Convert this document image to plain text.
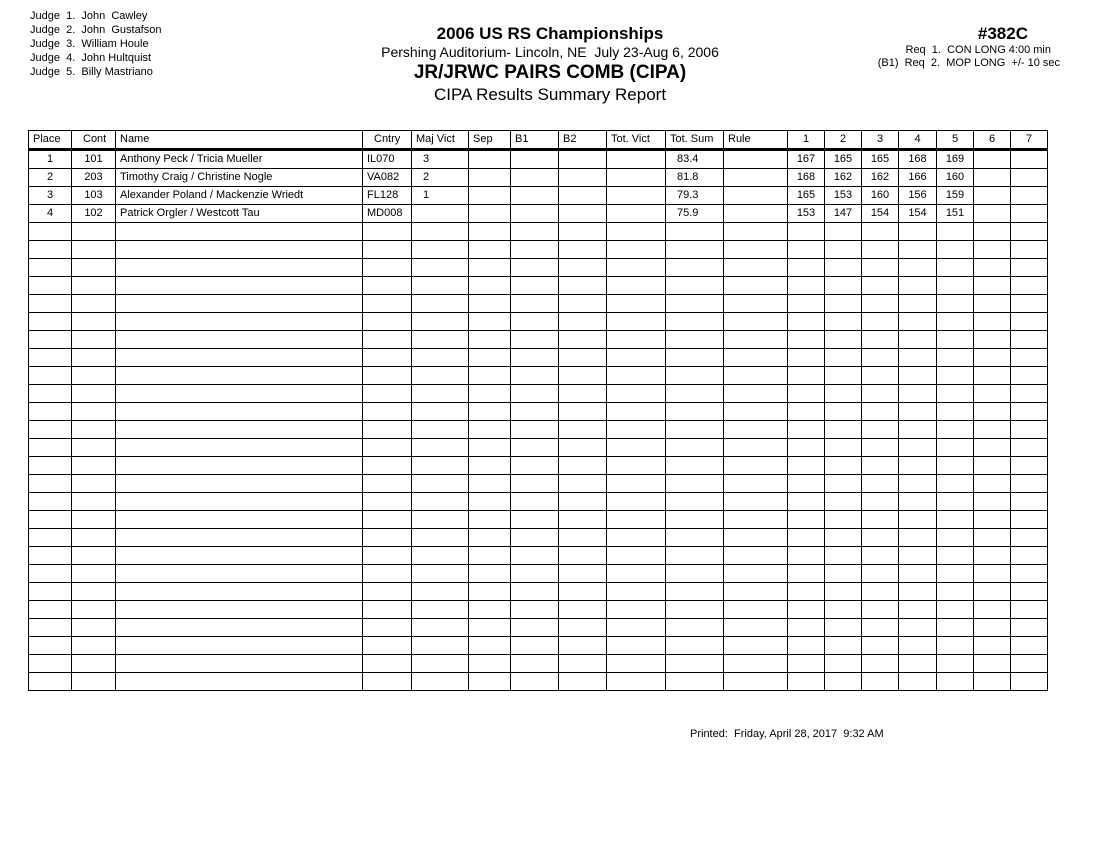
Judge  1.  John  Cawley
Judge  2.  John  Gustafson
Judge  3.  William Houle
Judge  4.  John Hultquist
Judge  5.  Billy Mastriano
2006 US RS Championships
Pershing Auditorium- Lincoln, NE  July 23-Aug 6, 2006
JR/JRWC PAIRS COMB (CIPA)
CIPA Results Summary Report
#382C
Req  1.  CON LONG 4:00 min
(B1)  Req  2.  MOP LONG  +/- 10 sec
Place	Cont	Name	Cntry	Maj Vict	Sep	B1	B2	Tot. Vict	Tot. Sum	Rule	1	2	3	4	5	6	7
1	101	Anthony Peck / Tricia Mueller	IL070	3					83.4		167	165	165	168	169		
2	203	Timothy Craig / Christine Nogle	VA082	2					81.8		168	162	162	166	160		
3	103	Alexander Poland / Mackenzie Wriedt	FL128	1					79.3		165	153	160	156	159		
4	102	Patrick Orgler / Westcott Tau	MD008						75.9		153	147	154	154	151		

Printed:  Friday, April 28, 2017  9:32 AM
